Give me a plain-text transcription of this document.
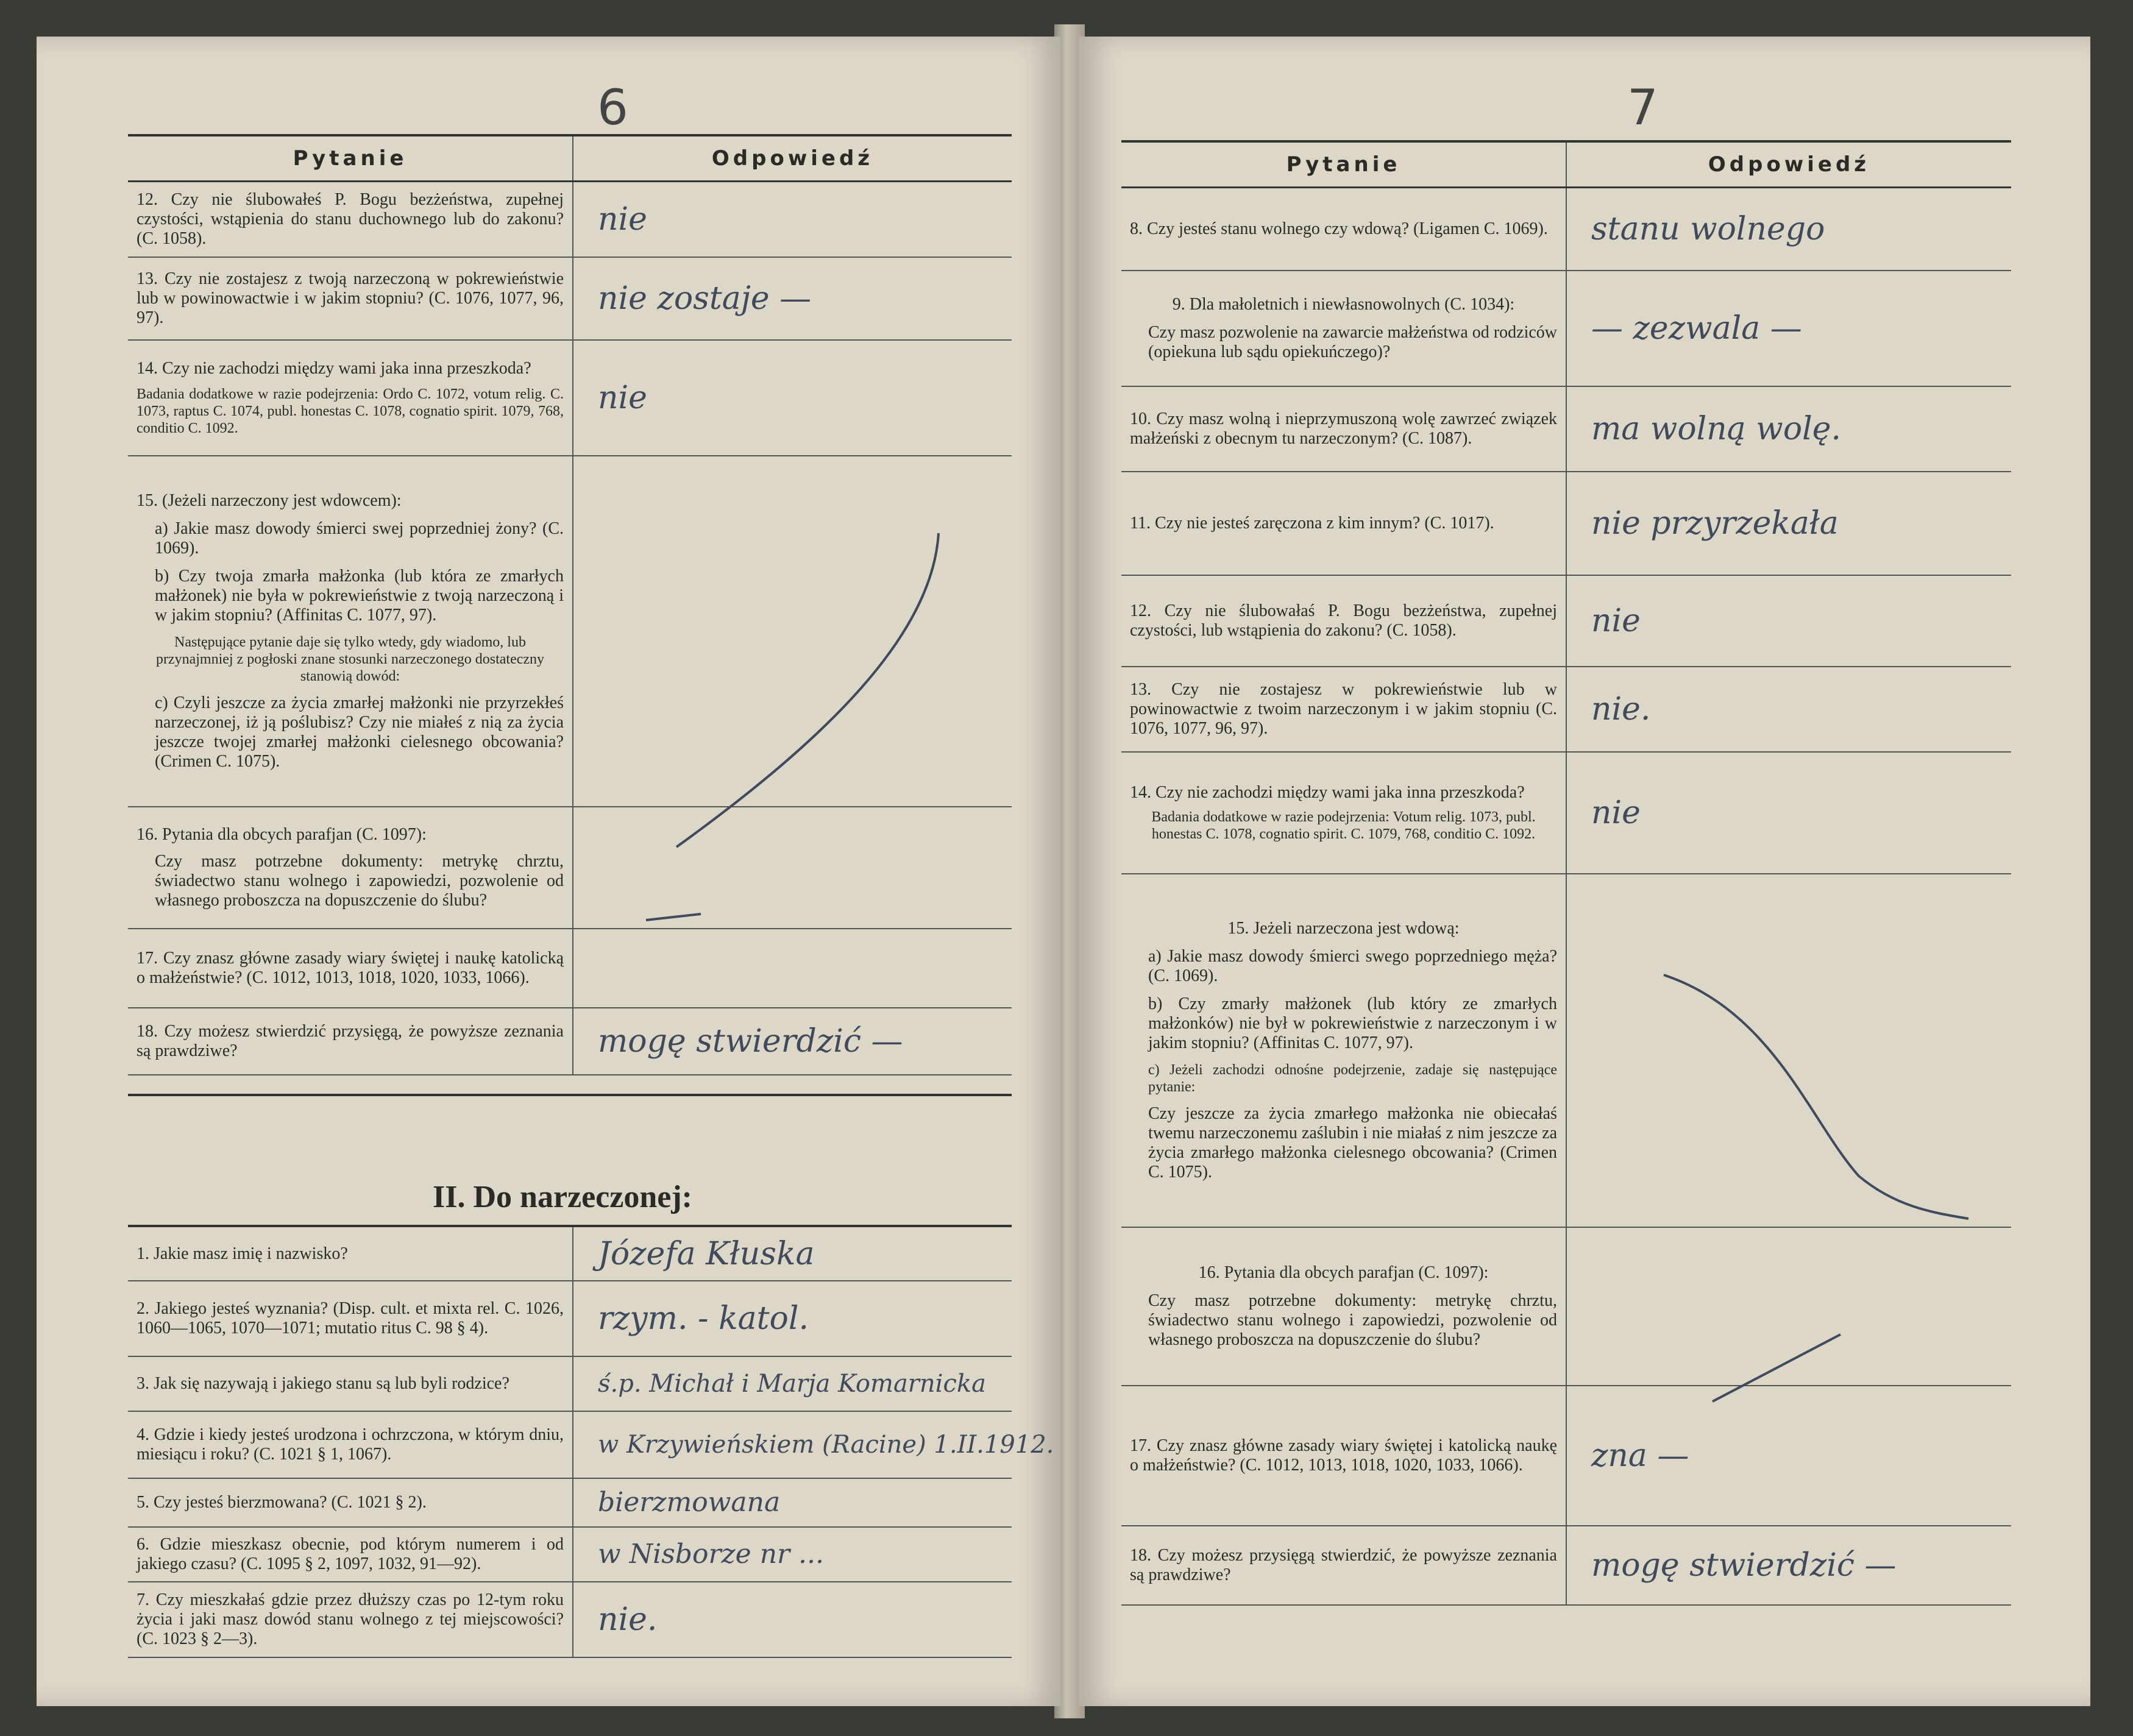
6
Pytanie	Odpowiedź
12. Czy nie ślubowałeś P. Bogu bezżeństwa, zupełnej czystości, wstąpienia do stanu duchownego lub do zakonu? (C. 1058).	nie
13. Czy nie zostajesz z twoją narzeczoną w pokrewieństwie lub w powinowactwie i w jakim stopniu? (C. 1076, 1077, 96, 97).	nie zostaje —
14. Czy nie zachodzi między wami jaka inna przeszkoda?
Badania dodatkowe w razie podejrzenia: Ordo C. 1072, votum relig. C. 1073, raptus C. 1074, publ. honestas C. 1078, cognatio spirit. 1079, 768, conditio C. 1092.	nie
15. (Jeżeli narzeczony jest wdowcem):
a) Jakie masz dowody śmierci swej poprzedniej żony? (C. 1069).
b) Czy twoja zmarła małżonka (lub która ze zmarłych małżonek) nie była w pokrewieństwie z twoją narzeczoną i w jakim stopniu? (Affinitas C. 1077, 97).
Następujące pytanie daje się tylko wtedy, gdy wiadomo, lub przynajmniej z pogłoski znane stosunki narzeczonego dostateczny stanowią dowód:
c) Czyli jeszcze za życia zmarłej małżonki nie przyrzekłeś narzeczonej, iż ją poślubisz? Czy nie miałeś z nią za życia jeszcze twojej zmarłej małżonki cielesnego obcowania? (Crimen C. 1075).	

16. Pytania dla obcych parafjan (C. 1097):
Czy masz potrzebne dokumenty: metrykę chrztu, świadectwo stanu wolnego i zapowiedzi, pozwolenie od własnego proboszcza na dopuszczenie do ślubu?	

17. Czy znasz główne zasady wiary świętej i naukę katolicką o małżeństwie? (C. 1012, 1013, 1018, 1020, 1033, 1066).	
18. Czy możesz stwierdzić przysięgą, że powyższe zeznania są prawdziwe?	mogę stwierdzić —
II. Do narzeczonej:
1. Jakie masz imię i nazwisko?	Józefa Kłuska
2. Jakiego jesteś wyznania? (Disp. cult. et mixta rel. C. 1026, 1060—1065, 1070—1071; mutatio ritus C. 98 § 4).	rzym. - katol.
3. Jak się nazywają i jakiego stanu są lub byli rodzice?	ś.p. Michał i Marja Komarnicka
4. Gdzie i kiedy jesteś urodzona i ochrzczona, w którym dniu, miesiącu i roku? (C. 1021 § 1, 1067).	w Krzywieńskiem (Racine) 1.II.1912.
5. Czy jesteś bierzmowana? (C. 1021 § 2).	bierzmowana
6. Gdzie mieszkasz obecnie, pod którym numerem i od jakiego czasu? (C. 1095 § 2, 1097, 1032, 91—92).	w Nisborze nr ...
7. Czy mieszkałaś gdzie przez dłuższy czas po 12-tym roku życia i jaki masz dowód stanu wolnego z tej miejscowości? (C. 1023 § 2—3).	nie.
7
Pytanie	Odpowiedź
8. Czy jesteś stanu wolnego czy wdową? (Ligamen C. 1069).	stanu wolnego

9. Dla małoletnich i niewłasnowolnych (C. 1034):
Czy masz pozwolenie na zawarcie małżeństwa od rodziców (opiekuna lub sądu opiekuńczego)?	— zezwala —
10. Czy masz wolną i nieprzymuszoną wolę zawrzeć związek małżeński z obecnym tu narzeczonym? (C. 1087).	ma wolną wolę.
11. Czy nie jesteś zaręczona z kim innym? (C. 1017).	nie przyrzekała
12. Czy nie ślubowałaś P. Bogu bezżeństwa, zupełnej czystości, lub wstąpienia do zakonu? (C. 1058).	nie
13. Czy nie zostajesz w pokrewieństwie lub w powinowactwie z twoim narzeczonym i w jakim stopniu (C. 1076, 1077, 96, 97).	nie.
14. Czy nie zachodzi między wami jaka inna przeszkoda?
Badania dodatkowe w razie podejrzenia: Votum relig. 1073, publ. honestas C. 1078, cognatio spirit. C. 1079, 768, conditio C. 1092.	nie

15. Jeżeli narzeczona jest wdową:
a) Jakie masz dowody śmierci swego poprzedniego męża? (C. 1069).
b) Czy zmarły małżonek (lub który ze zmarłych małżonków) nie był w pokrewieństwie z narzeczonym i w jakim stopniu? (Affinitas C. 1077, 97).
c) Jeżeli zachodzi odnośne podejrzenie, zadaje się następujące pytanie:
Czy jeszcze za życia zmarłego małżonka nie obiecałaś twemu narzeczonemu zaślubin i nie miałaś z nim jeszcze za życia zmarłego małżonka cielesnego obcowania? (Crimen C. 1075).	

16. Pytania dla obcych parafjan (C. 1097):
Czy masz potrzebne dokumenty: metrykę chrztu, świadectwo stanu wolnego i zapowiedzi, pozwolenie od własnego proboszcza na dopuszczenie do ślubu?	

17. Czy znasz główne zasady wiary świętej i katolicką naukę o małżeństwie? (C. 1012, 1013, 1018, 1020, 1033, 1066).	zna —
18. Czy możesz przysięgą stwierdzić, że powyższe zeznania są prawdziwe?	mogę stwierdzić —
